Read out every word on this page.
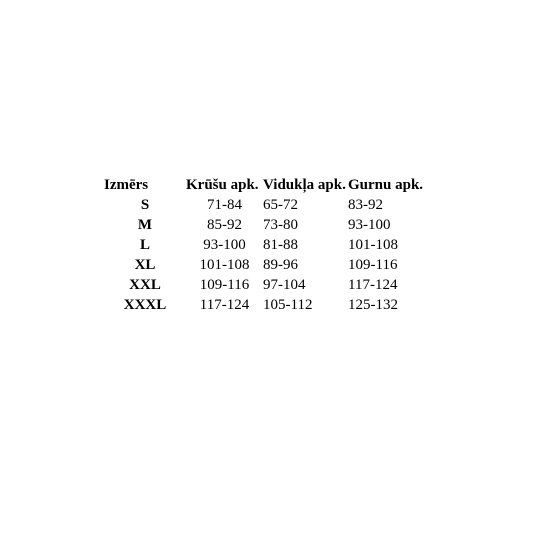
Izmērs	Krūšu apk.	Vidukļa apk.	Gurnu apk.
S	71-84	65-72	83-92
M	85-92	73-80	93-100
L	93-100	81-88	101-108
XL	101-108	89-96	109-116
XXL	109-116	97-104	117-124
XXXL	117-124	105-112	125-132
